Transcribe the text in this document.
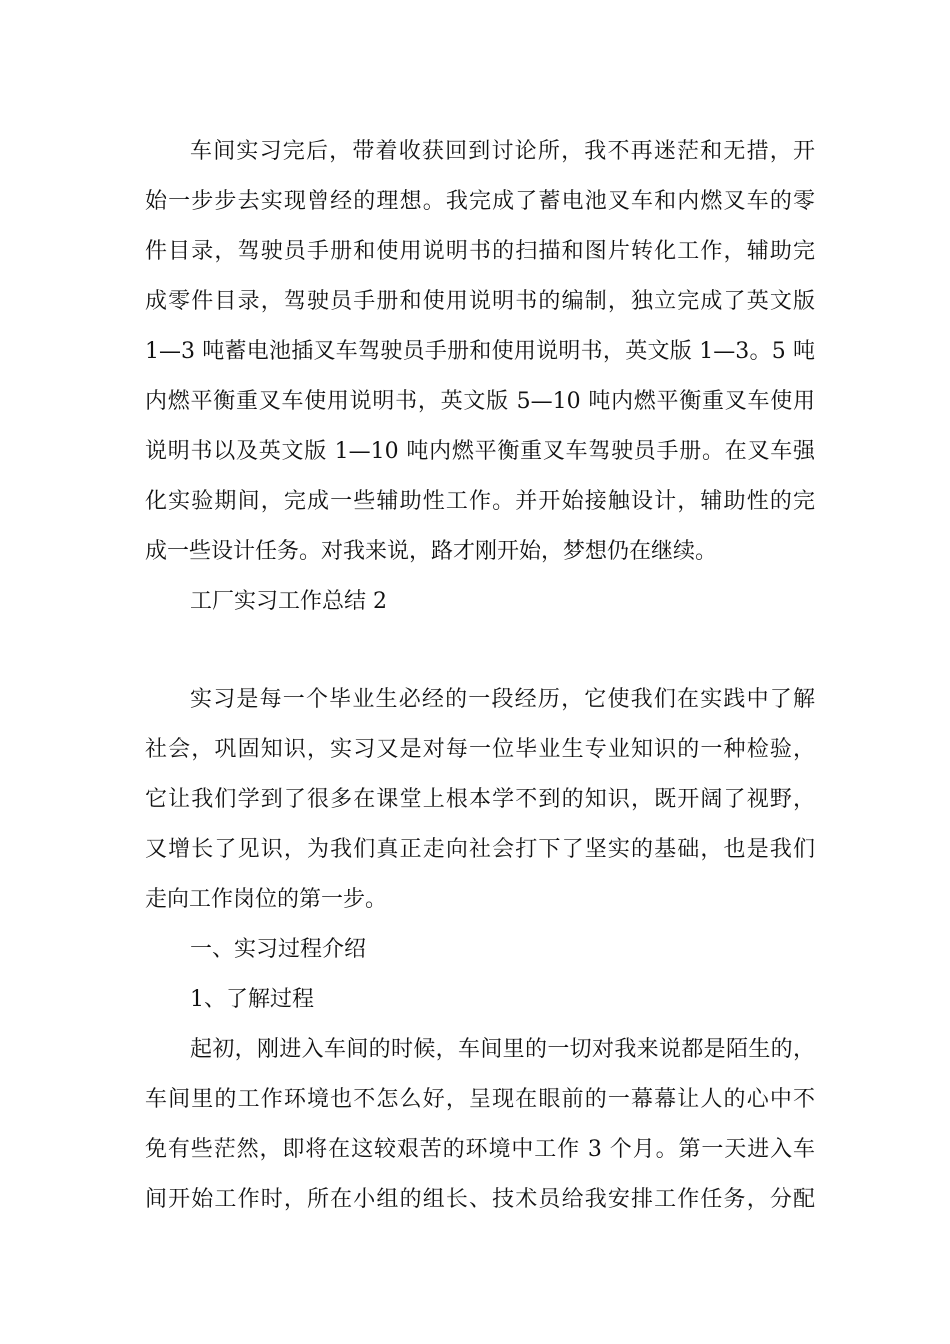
车间实习完后，带着收获回到讨论所，我不再迷茫和无措，开
始一步步去实现曾经的理想。我完成了蓄电池叉车和内燃叉车的零
件目录，驾驶员手册和使用说明书的扫描和图片转化工作，辅助完
成零件目录，驾驶员手册和使用说明书的编制，独立完成了英文版
1—3 吨蓄电池插叉车驾驶员手册和使用说明书，英文版 1—3。5 吨
内燃平衡重叉车使用说明书，英文版 5—10 吨内燃平衡重叉车使用
说明书以及英文版 1—10 吨内燃平衡重叉车驾驶员手册。在叉车强
化实验期间，完成一些辅助性工作。并开始接触设计，辅助性的完
成一些设计任务。对我来说，路才刚开始，梦想仍在继续。
工厂实习工作总结 2
实习是每一个毕业生必经的一段经历，它使我们在实践中了解
社会，巩固知识，实习又是对每一位毕业生专业知识的一种检验，
它让我们学到了很多在课堂上根本学不到的知识，既开阔了视野，
又增长了见识，为我们真正走向社会打下了坚实的基础，也是我们
走向工作岗位的第一步。
一、实习过程介绍
1、了解过程
起初，刚进入车间的时候，车间里的一切对我来说都是陌生的，
车间里的工作环境也不怎么好，呈现在眼前的一幕幕让人的心中不
免有些茫然，即将在这较艰苦的环境中工作 3 个月。第一天进入车
间开始工作时，所在小组的组长、技术员给我安排工作任务，分配
